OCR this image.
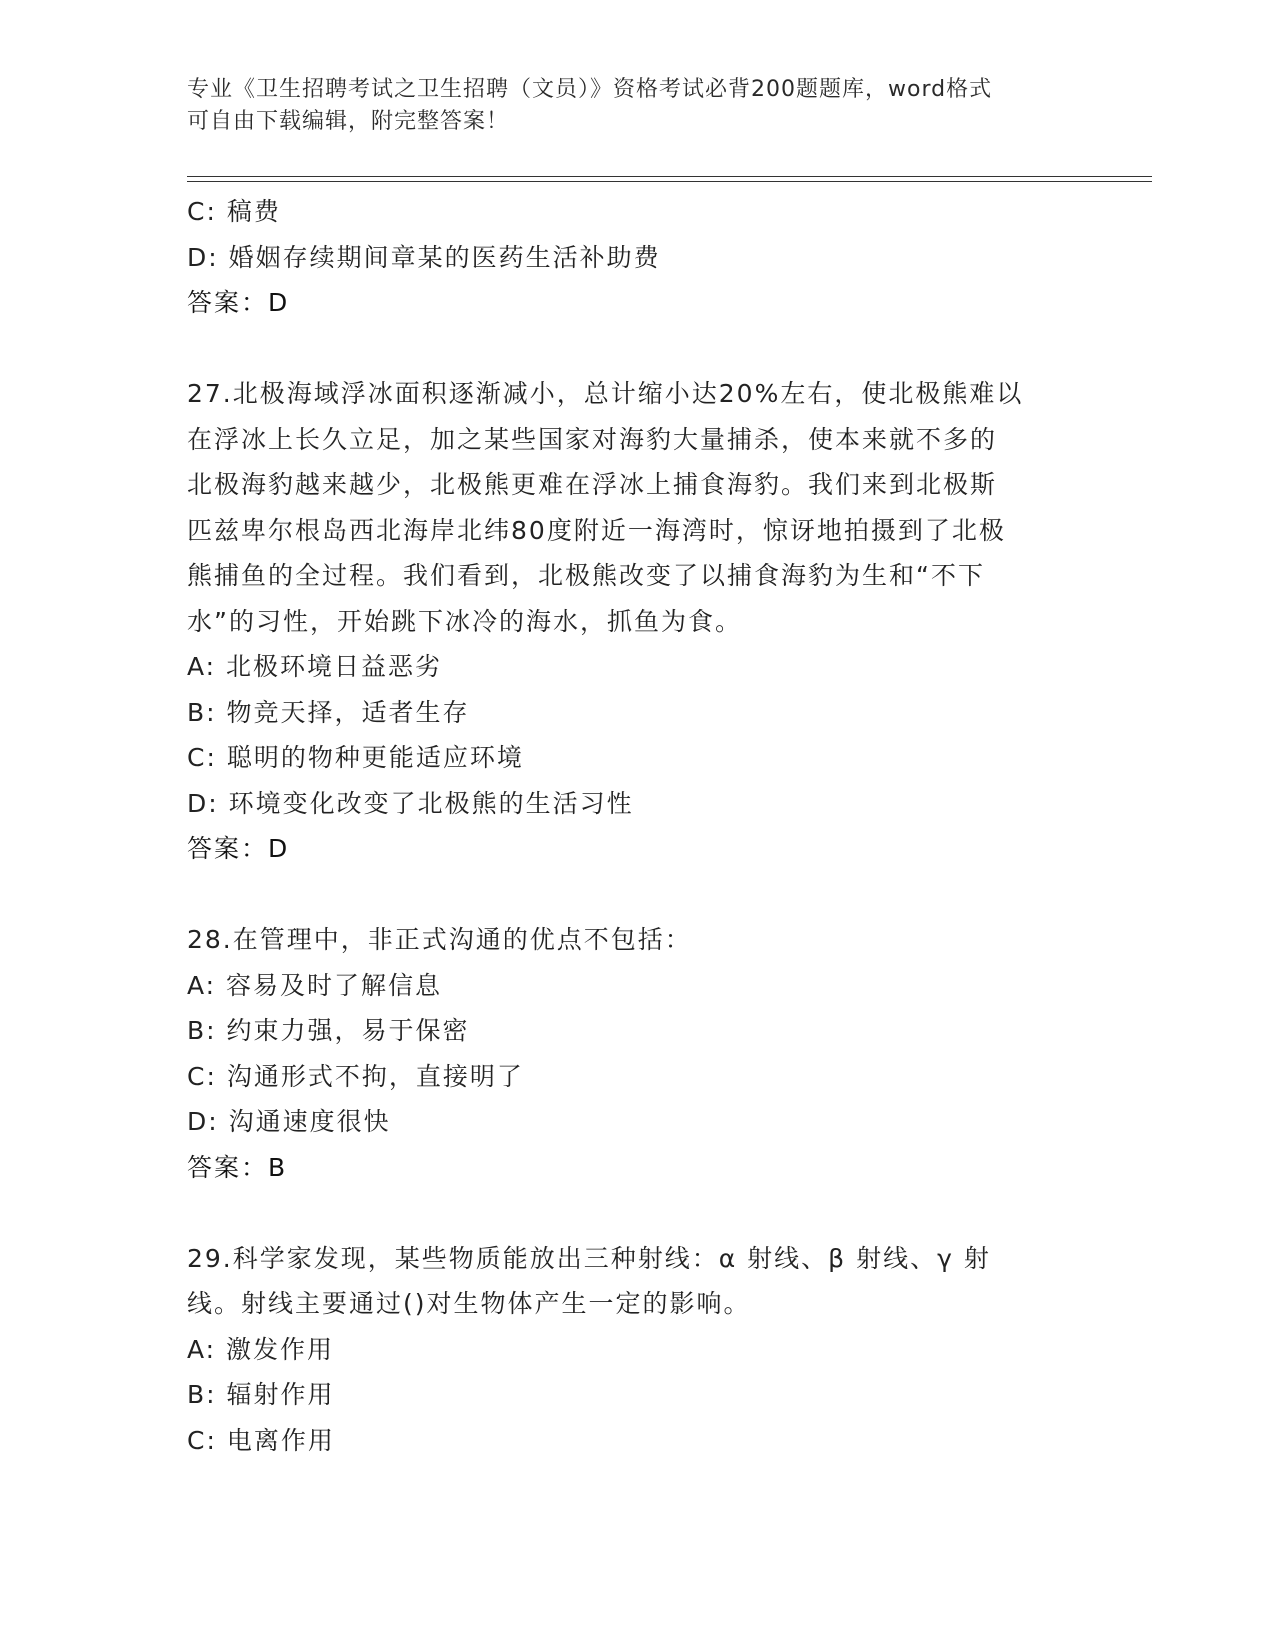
专业《卫生招聘考试之卫生招聘（文员）》资格考试必背200题题库，word格式
可自由下载编辑，附完整答案！
C: 稿费
D: 婚姻存续期间章某的医药生活补助费
答案：D
27.北极海域浮冰面积逐渐减小，总计缩小达20%左右，使北极熊难以
在浮冰上长久立足，加之某些国家对海豹大量捕杀，使本来就不多的
北极海豹越来越少，北极熊更难在浮冰上捕食海豹。我们来到北极斯
匹兹卑尔根岛西北海岸北纬80度附近一海湾时，惊讶地拍摄到了北极
熊捕鱼的全过程。我们看到，北极熊改变了以捕食海豹为生和“不下
水”的习性，开始跳下冰冷的海水，抓鱼为食。
A: 北极环境日益恶劣
B: 物竞天择，适者生存
C: 聪明的物种更能适应环境
D: 环境变化改变了北极熊的生活习性
答案：D
28.在管理中，非正式沟通的优点不包括：
A: 容易及时了解信息
B: 约束力强，易于保密
C: 沟通形式不拘，直接明了
D: 沟通速度很快
答案：B
29.科学家发现，某些物质能放出三种射线：α 射线、β 射线、γ 射
线。射线主要通过()对生物体产生一定的影响。
A: 激发作用
B: 辐射作用
C: 电离作用
